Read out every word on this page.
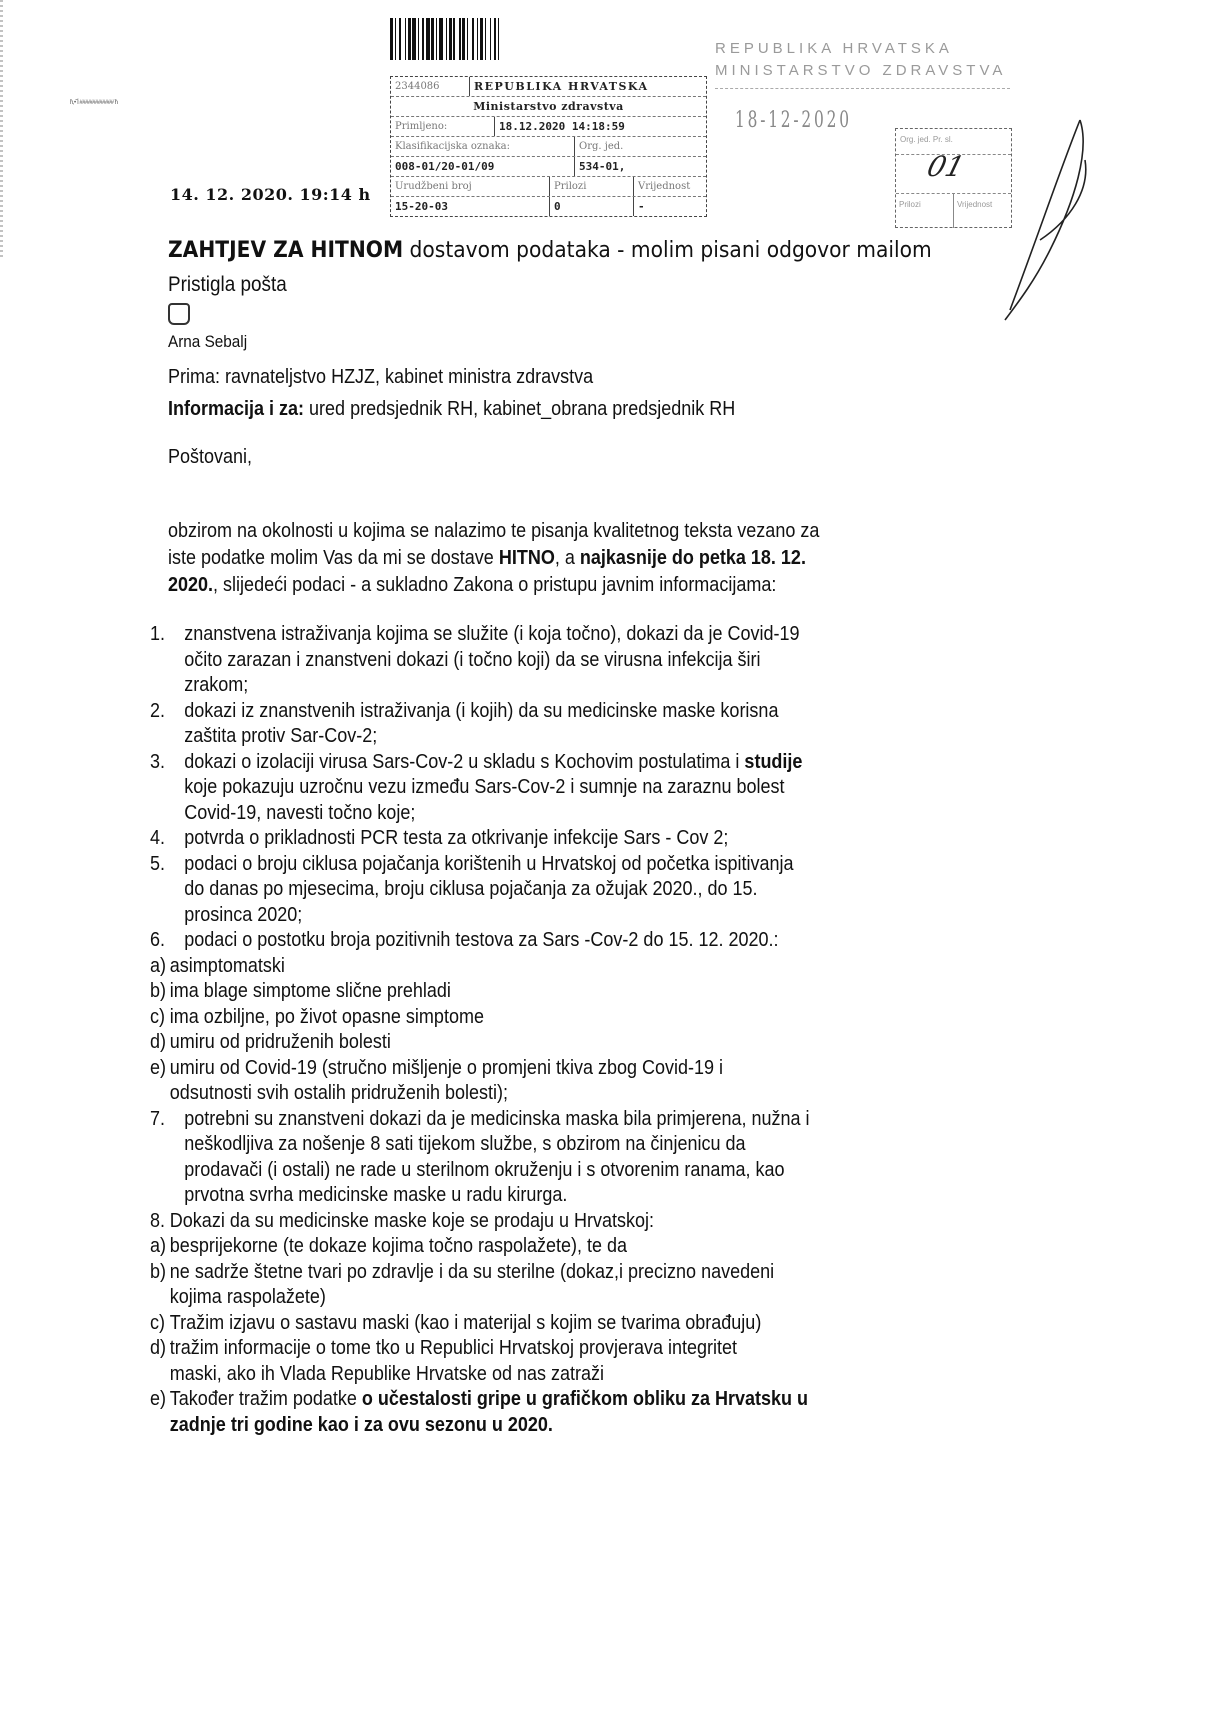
ħ,•˜İ ############ ħ
14. 12. 2020. 19:14 h
2344086	REPUBLIKA HRVATSKA
Ministarstvo zdravstva
Primljeno:	18.12.2020 14:18:59
Klasifikacijska oznaka:	Org. jed.
008-01/20-01/09	534-01,
Urudžbeni broj	Prilozi	Vrijednost
15-20-03	0	-
REPUBLIKA HRVATSKA
MINISTARSTVO ZDRAVSTVA
18-12-2020
Org. jed. Pr. sl.
Prilozi	Vrijednost
01
ZAHTJEV ZA HITNOM dostavom podataka - molim pisani odgovor mailom
Pristigla pošta
Arna Sebalj
Prima: ravnateljstvo HZJZ, kabinet ministra zdravstva
Informacija i za: ured predsjednik RH, kabinet_obrana predsjednik RH
Poštovani,
obzirom na okolnosti u kojima se nalazimo te pisanja kvalitetnog teksta vezano za
iste podatke molim Vas da mi se dostave HITNO, a najkasnije do petka 18. 12.
2020., slijedeći podaci - a sukladno Zakona o pristupu javnim informacijama:
1. znanstvena istraživanja kojima se služite (i koja točno), dokazi da je Covid-19
očito zarazan i znanstveni dokazi (i točno koji) da se virusna infekcija širi
zrakom;
2. dokazi iz znanstvenih istraživanja (i kojih) da su medicinske maske korisna
zaštita protiv Sar-Cov-2;
3. dokazi o izolaciji virusa Sars-Cov-2 u skladu s Kochovim postulatima i studije
koje pokazuju uzročnu vezu između Sars-Cov-2 i sumnje na zaraznu bolest
Covid-19, navesti točno koje;
4. potvrda o prikladnosti PCR testa za otkrivanje infekcije Sars - Cov 2;
5. podaci o broju ciklusa pojačanja korištenih u Hrvatskoj od početka ispitivanja
do danas po mjesecima, broju ciklusa pojačanja za ožujak 2020., do 15.
prosinca 2020;
6. podaci o postotku broja pozitivnih testova za Sars -Cov-2 do 15. 12. 2020.:
a) asimptomatski
b) ima blage simptome slične prehladi
c) ima ozbiljne, po život opasne simptome
d) umiru od pridruženih bolesti
e) umiru od Covid-19 (stručno mišljenje o promjeni tkiva zbog Covid-19 i
odsutnosti svih ostalih pridruženih bolesti);
7. potrebni su znanstveni dokazi da je medicinska maska bila primjerena, nužna i
neškodljiva za nošenje 8 sati tijekom službe, s obzirom na činjenicu da
prodavači (i ostali) ne rade u sterilnom okruženju i s otvorenim ranama, kao
prvotna svrha medicinske maske u radu kirurga.
8. Dokazi da su medicinske maske koje se prodaju u Hrvatskoj:
a) besprijekorne (te dokaze kojima točno raspolažete), te da
b) ne sadrže štetne tvari po zdravlje i da su sterilne (dokaz,i precizno navedeni
kojima raspolažete)
c) Tražim izjavu o sastavu maski (kao i materijal s kojim se tvarima obrađuju)
d) tražim informacije o tome tko u Republici Hrvatskoj provjerava integritet
maski, ako ih Vlada Republike Hrvatske od nas zatraži
e) Također tražim podatke o učestalosti gripe u grafičkom obliku za Hrvatsku u
zadnje tri godine kao i za ovu sezonu u 2020.
